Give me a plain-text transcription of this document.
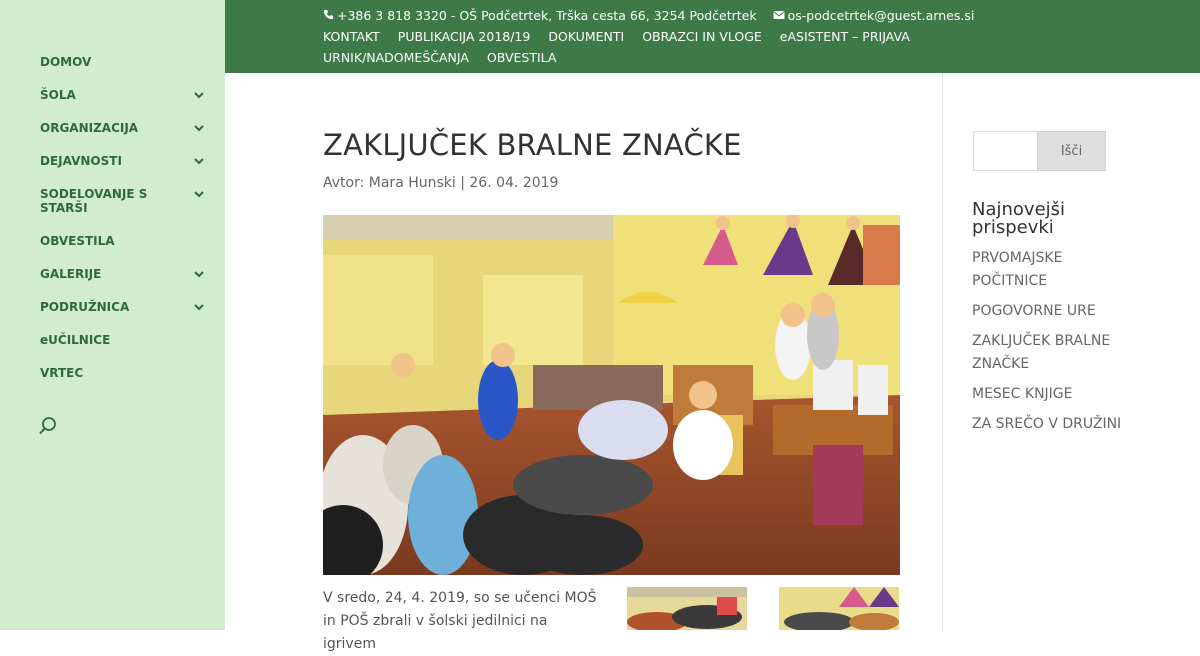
DOMOV
ŠOLA
ORGANIZACIJA
DEJAVNOSTI
SODELOVANJE S STARŠI
OBVESTILA
GALERIJE
PODRUŽNICA
eUČILNICE
VRTEC
+386 3 818 3320 - OŠ Podčetrtek, Trška cesta 66, 3254 Podčetrtek os-podcetrtek@guest.arnes.si
KONTAKT PUBLIKACIJA 2018/19 DOKUMENTI OBRAZCI IN VLOGE eASISTENT – PRIJAVA
URNIK/NADOMEŠČANJA OBVESTILA
ZAKLJUČEK BRALNE ZNAČKE
Avtor: Mara Hunski | 26. 04. 2019

V sredo, 24, 4. 2019, so se učenci MOŠ in POŠ zbrali v šolski jedilnici na igrivem

Išči
Najnovejši prispevki
PRVOMAJSKE POČITNICE
POGOVORNE URE
ZAKLJUČEK BRALNE ZNAČKE
MESEC KNJIGE
ZA SREČO V DRUŽINI
